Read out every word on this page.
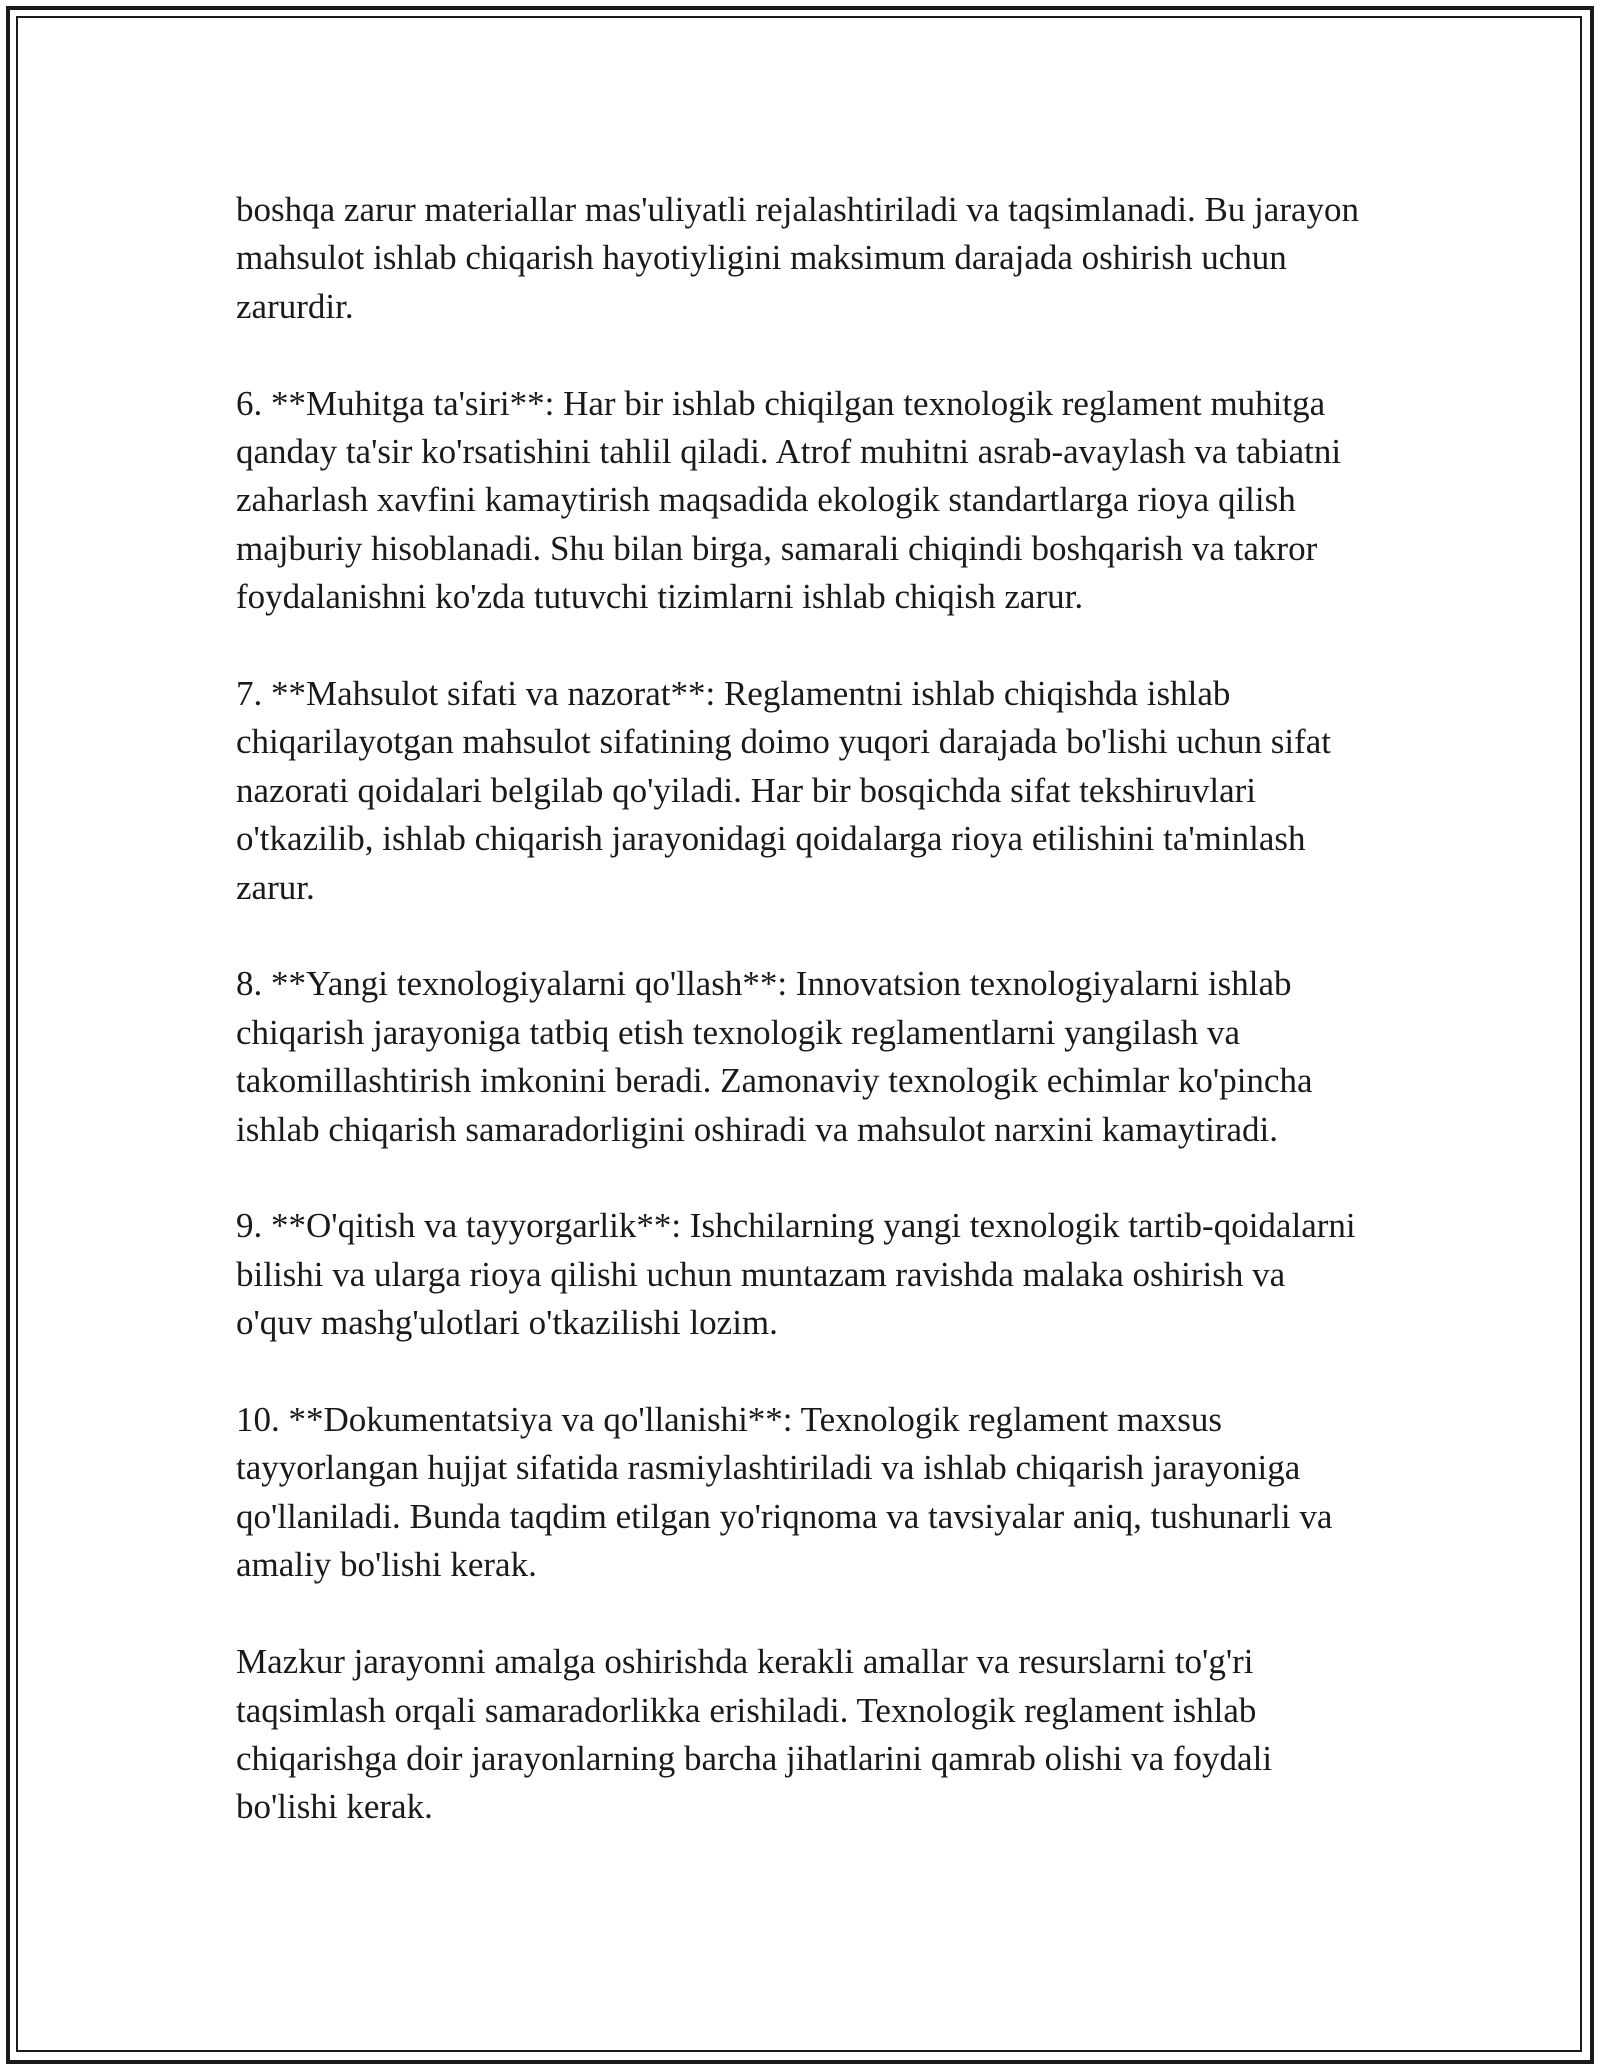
boshqa zarur materiallar mas'uliyatli rejalashtiriladi va taqsimlanadi. Bu jarayon mahsulot ishlab chiqarish hayotiyligini maksimum darajada oshirish uchun zarurdir.

6. **Muhitga ta'siri**: Har bir ishlab chiqilgan texnologik reglament muhitga qanday ta'sir ko'rsatishini tahlil qiladi. Atrof muhitni asrab-avaylash va tabiatni zaharlash xavfini kamaytirish maqsadida ekologik standartlarga rioya qilish majburiy hisoblanadi. Shu bilan birga, samarali chiqindi boshqarish va takror foydalanishni ko'zda tutuvchi tizimlarni ishlab chiqish zarur.

7. **Mahsulot sifati va nazorat**: Reglamentni ishlab chiqishda ishlab chiqarilayotgan mahsulot sifatining doimo yuqori darajada bo'lishi uchun sifat nazorati qoidalari belgilab qo'yiladi. Har bir bosqichda sifat tekshiruvlari o'tkazilib, ishlab chiqarish jarayonidagi qoidalarga rioya etilishini ta'minlash zarur.

8. **Yangi texnologiyalarni qo'llash**: Innovatsion texnologiyalarni ishlab chiqarish jarayoniga tatbiq etish texnologik reglamentlarni yangilash va takomillashtirish imkonini beradi. Zamonaviy texnologik echimlar ko'pincha ishlab chiqarish samaradorligini oshiradi va mahsulot narxini kamaytiradi.

9. **O'qitish va tayyorgarlik**: Ishchilarning yangi texnologik tartib-qoidalarni bilishi va ularga rioya qilishi uchun muntazam ravishda malaka oshirish va o'quv mashg'ulotlari o'tkazilishi lozim.

10. **Dokumentatsiya va qo'llanishi**: Texnologik reglament maxsus tayyorlangan hujjat sifatida rasmiylashtiriladi va ishlab chiqarish jarayoniga qo'llaniladi. Bunda taqdim etilgan yo'riqnoma va tavsiyalar aniq, tushunarli va amaliy bo'lishi kerak.

Mazkur jarayonni amalga oshirishda kerakli amallar va resurslarni to'g'ri taqsimlash orqali samaradorlikka erishiladi. Texnologik reglament ishlab chiqarishga doir jarayonlarning barcha jihatlarini qamrab olishi va foydali bo'lishi kerak.
